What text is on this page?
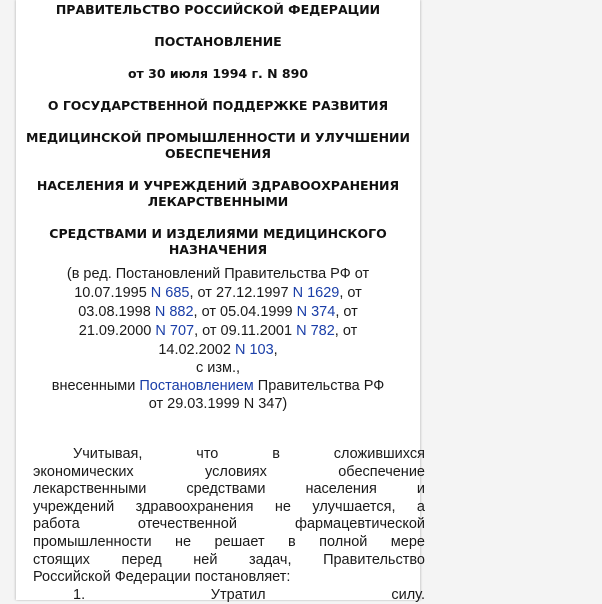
ПРАВИТЕЛЬСТВО РОССИЙСКОЙ ФЕДЕРАЦИИ
ПОСТАНОВЛЕНИЕ
от 30 июля 1994 г. N 890
О ГОСУДАРСТВЕННОЙ ПОДДЕРЖКЕ РАЗВИТИЯ
МЕДИЦИНСКОЙ ПРОМЫШЛЕННОСТИ И УЛУЧШЕНИИ
ОБЕСПЕЧЕНИЯ
НАСЕЛЕНИЯ И УЧРЕЖДЕНИЙ ЗДРАВООХРАНЕНИЯ
ЛЕКАРСТВЕННЫМИ
СРЕДСТВАМИ И ИЗДЕЛИЯМИ МЕДИЦИНСКОГО
НАЗНАЧЕНИЯ
(в ред. Постановлений Правительства РФ от
10.07.1995 N 685, от 27.12.1997 N 1629, от
03.08.1998 N 882, от 05.04.1999 N 374, от
21.09.2000 N 707, от 09.11.2001 N 782, от
14.02.2002 N 103,
с изм.,
внесенными Постановлением Правительства РФ
от 29.03.1999 N 347)
Учитывая,	что	в	сложившихся
экономических	условиях	обеспечение
лекарственными	средствами	населения	и
учреждений здравоохранения не улучшается, а
работа	отечественной	фармацевтической
промышленности не решает в полной мере
стоящих перед ней задач, Правительство
Российской Федерации постановляет:
1.	Утратил	силу.
